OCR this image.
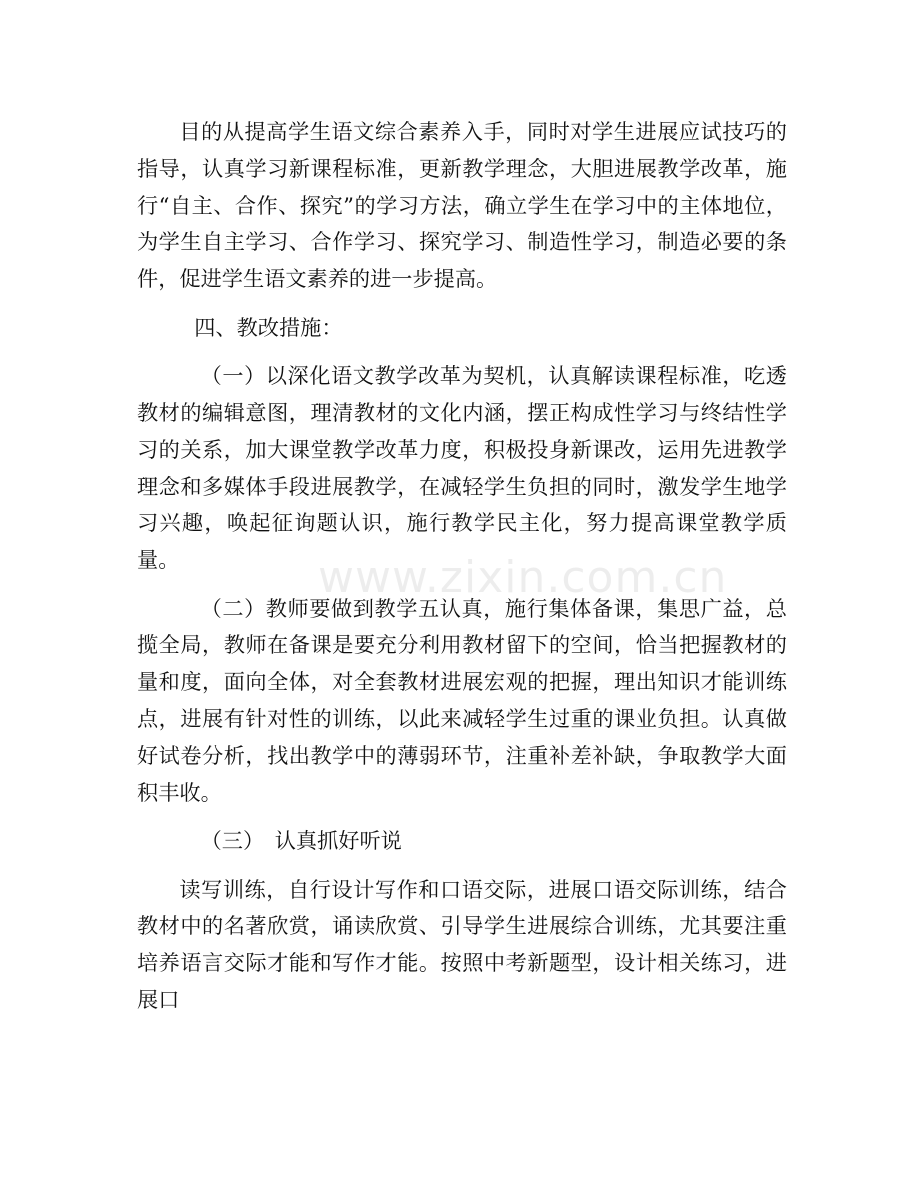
目的从提高学生语文综合素养入手，同时对学生进展应试技巧的指导，认真学习新课程标准，更新教学理念，大胆进展教学改革，施行“自主、合作、探究”的学习方法，确立学生在学习中的主体地位，为学生自主学习、合作学习、探究学习、制造性学习，制造必要的条件，促进学生语文素养的进一步提高。

四、教改措施：

（一）以深化语文教学改革为契机，认真解读课程标准，吃透教材的编辑意图，理清教材的文化内涵，摆正构成性学习与终结性学习的关系，加大课堂教学改革力度，积极投身新课改，运用先进教学理念和多媒体手段进展教学，在减轻学生负担的同时，激发学生地学习兴趣，唤起征询题认识，施行教学民主化，努力提高课堂教学质量。

（二）教师要做到教学五认真，施行集体备课，集思广益，总揽全局，教师在备课是要充分利用教材留下的空间，恰当把握教材的量和度，面向全体，对全套教材进展宏观的把握，理出知识才能训练点，进展有针对性的训练，以此来减轻学生过重的课业负担。认真做好试卷分析，找出教学中的薄弱环节，注重补差补缺，争取教学大面积丰收。

（三）　认真抓好听说

读写训练，自行设计写作和口语交际，进展口语交际训练，结合教材中的名著欣赏，诵读欣赏、引导学生进展综合训练，尤其要注重培养语言交际才能和写作才能。按照中考新题型，设计相关练习，进展口

www.zixin.com.cn
